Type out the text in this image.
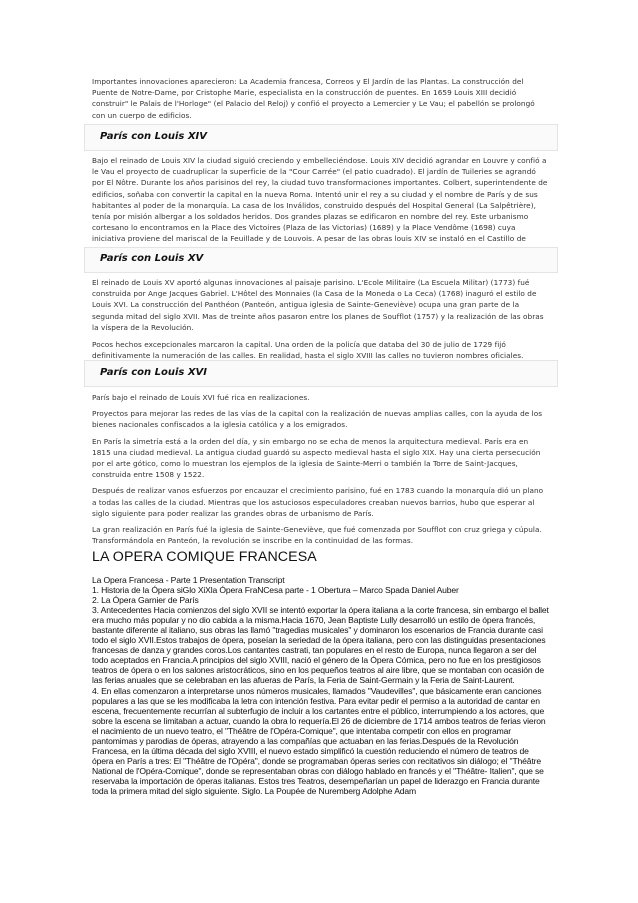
Importantes innovaciones aparecieron: La Academia francesa, Correos y El Jardín de las Plantas. La construcción del Puente de Notre-Dame, por Cristophe Marie, especialista en la construcción de puentes. En 1659 Louis XIII decidió construir" le Palais de l'Horloge" (el Palacio del Reloj) y confió el proyecto a Lemercier y Le Vau; el pabellón se prolongó con un cuerpo de edificios.

París con Louis XIV

Bajo el reinado de Louis XIV la ciudad siguió creciendo y embelleciéndose. Louis XIV decidió agrandar en Louvre y confió a le Vau el proyecto de cuadruplicar la superficie de la "Cour Carrée" (el patio cuadrado). El jardín de Tuileries se agrandó por El Nôtre. Durante los años parisinos del rey, la ciudad tuvo transformaciones importantes. Colbert, superintendente de edificios, soñaba con convertir la capital en la nueva Roma. Intentó unir el rey a su ciudad y el nombre de París y de sus habitantes al poder de la monarquía. La casa de los Inválidos, construido después del Hospital General (La Salpêtrière), tenía por misión albergar a los soldados heridos. Dos grandes plazas se edificaron en nombre del rey. Este urbanismo cortesano lo encontramos en la Place des Victoires (Plaza de las Victorias) (1689) y la Place Vendôme (1698) cuya iniciativa proviene del mariscal de la Feuillade y de Louvois. A pesar de las obras louis XIV se instaló en el Castillo de

París con Louis XV

El reinado de Louis XV aportó algunas innovaciones al paisaje parisino. L'Ecole Militaire (La Escuela Militar) (1773) fué construida por Ange Jacques Gabriel. L'Hôtel des Monnaies (la Casa de la Moneda o La Ceca) (1768) inaguró el estilo de Louis XVI. La construcción del Panthéon (Panteón, antigua iglesia de Sainte-Geneviève) ocupa una gran parte de la segunda mitad del siglo XVII. Mas de treinte años pasaron entre los planes de Soufflot (1757) y la realización de las obras la víspera de la Revolución.

Pocos hechos excepcionales marcaron la capital. Una orden de la policía que databa del 30 de julio de 1729 fijó definitivamente la numeración de las calles. En realidad, hasta el siglo XVIII las calles no tuvieron nombres oficiales.

París con Louis XVI

París bajo el reinado de Louis XVI fué rica en realizaciones.

Proyectos para mejorar las redes de las vías de la capital con la realización de nuevas amplias calles, con la ayuda de los bienes nacionales confiscados a la iglesia católica y a los emigrados.

En París la simetría está a la orden del día, y sin embargo no se echa de menos la arquitectura medieval. París era en 1815 una ciudad medieval. La antigua ciudad guardó su aspecto medieval hasta el siglo XIX. Hay una cierta persecución por el arte gótico, como lo muestran los ejemplos de la iglesia de Sainte-Merri o también la Torre de Saint-Jacques, construida entre 1508 y 1522.

Después de realizar vanos esfuerzos por encauzar el crecimiento parisino, fué en 1783 cuando la monarquía dió un plano a todas las calles de la ciudad. Mientras que los astuciosos especuladores creaban nuevos barrios, hubo que esperar al siglo siguiente para poder realizar las grandes obras de urbanismo de París.

La gran realización en París fué la iglesia de Sainte-Geneviève, que fué comenzada por Soufflot con cruz griega y cúpula. Transformándola en Panteón, la revolución se inscribe en la continuidad de las formas.

LA OPERA COMIQUE FRANCESA

La Opera Francesa - Parte 1 Presentation Transcript

1. Historia de la Ópera siGlo XiXla Ópera FraNCesa parte - 1 Obertura – Marco Spada Daniel Auber

2. La Ópera Garnier de París

3. Antecedentes Hacia comienzos del siglo XVII se intentó exportar la ópera italiana a la corte francesa, sin embargo el ballet era mucho más popular y no dio cabida a la misma.Hacia 1670, Jean Baptiste Lully desarrolló un estilo de ópera francés, bastante diferente al italiano, sus obras las llamó "tragedias musicales" y dominaron los escenarios de Francia durante casi todo el siglo XVII.Estos trabajos de ópera, poseían la seriedad de la ópera italiana, pero con las distinguidas presentaciones francesas de danza y grandes coros.Los cantantes castrati, tan populares en el resto de Europa, nunca llegaron a ser del todo aceptados en Francia.A principios del siglo XVIII, nació el género de la Ópera Cómica, pero no fue en los prestigiosos teatros de ópera o en los salones aristocráticos, sino en los pequeños teatros al aire libre, que se montaban con ocasión de las ferias anuales que se celebraban en las afueras de París, la Feria de Saint-Germain y la Feria de Saint-Laurent.

4. En ellas comenzaron a interpretarse unos números musicales, llamados "Vaudevilles", que básicamente eran canciones populares a las que se les modificaba la letra con intención festiva. Para evitar pedir el permiso a la autoridad de cantar en escena, frecuentemente recurrían al subterfugio de incluir a los cartantes entre el público, interrumpiendo a los actores, que sobre la escena se limitaban a actuar, cuando la obra lo requería.El 26 de diciembre de 1714 ambos teatros de ferias vieron el nacimiento de un nuevo teatro, el "Théâtre de l'Opéra-Comique", que intentaba competir con ellos en programar pantomimas y parodias de óperas, atrayendo a las compañías que actuaban en las ferias.Después de la Revolución Francesa, en la última década del siglo XVIII, el nuevo estado simplificó la cuestión reduciendo el número de teatros de ópera en París a tres: El "Théâtre de l'Opéra", donde se programaban óperas series con recitativos sin diálogo; el "Théâtre National de l'Opéra-Comique", donde se representaban obras con diálogo hablado en francés y el "Théâtre- Italien", que se reservaba la importación de óperas italianas. Estos tres Teatros, desempeñarían un papel de liderazgo en Francia durante toda la primera mitad del siglo siguiente. Siglo. La Poupée de Nuremberg Adolphe Adam
